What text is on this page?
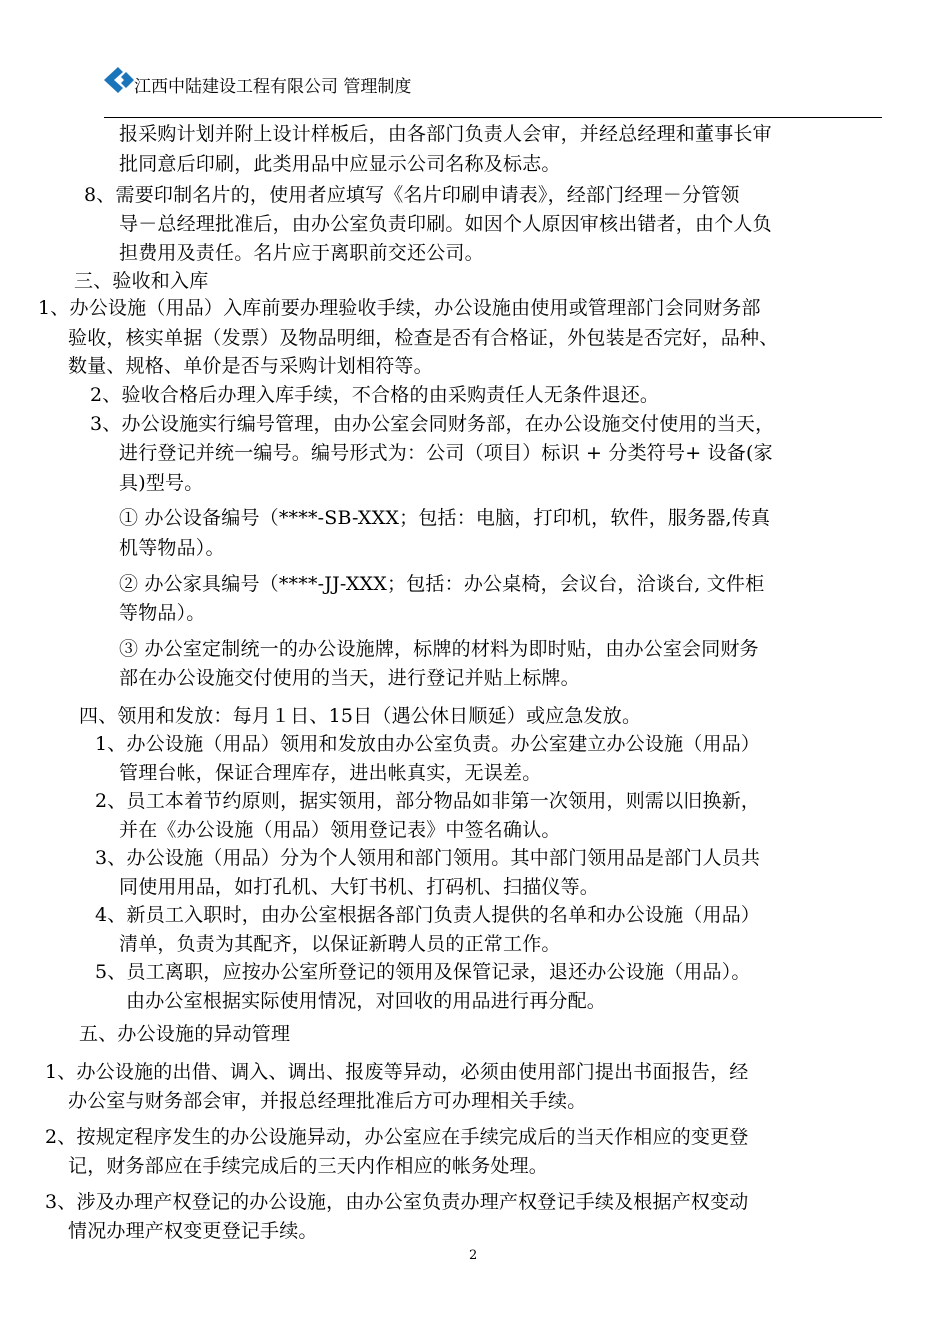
江西中陆建设工程有限公司 管理制度
报采购计划并附上设计样板后，由各部门负责人会审，并经总经理和董事长审
批同意后印刷，此类用品中应显示公司名称及标志。
8、需要印制名片的，使用者应填写《名片印刷申请表》，经部门经理－分管领
导－总经理批准后，由办公室负责印刷。如因个人原因审核出错者，由个人负
担费用及责任。名片应于离职前交还公司。
三、验收和入库
1、办公设施（用品）入库前要办理验收手续，办公设施由使用或管理部门会同财务部
验收，核实单据（发票）及物品明细，检查是否有合格证，外包装是否完好，品种、
数量、规格、单价是否与采购计划相符等。
2、验收合格后办理入库手续，不合格的由采购责任人无条件退还。
3、办公设施实行编号管理，由办公室会同财务部，在办公设施交付使用的当天，
进行登记并统一编号。编号形式为：公司（项目）标识 + 分类符号+ 设备(家
具)型号。
① 办公设备编号（****-SB-XXX；包括：电脑，打印机，软件，服务器,传真
机等物品）。
② 办公家具编号（****-JJ-XXX；包括：办公桌椅，会议台，洽谈台, 文件柜
等物品）。
③ 办公室定制统一的办公设施牌，标牌的材料为即时贴，由办公室会同财务
部在办公设施交付使用的当天，进行登记并贴上标牌。
四、领用和发放：每月１日、15日（遇公休日顺延）或应急发放。
1、办公设施（用品）领用和发放由办公室负责。办公室建立办公设施（用品）
管理台帐，保证合理库存，进出帐真实，无误差。
2、员工本着节约原则，据实领用，部分物品如非第一次领用，则需以旧换新，
并在《办公设施（用品）领用登记表》中签名确认。
3、办公设施（用品）分为个人领用和部门领用。其中部门领用品是部门人员共
同使用用品，如打孔机、大钉书机、打码机、扫描仪等。
4、新员工入职时，由办公室根据各部门负责人提供的名单和办公设施（用品）
清单，负责为其配齐，以保证新聘人员的正常工作。
5、员工离职，应按办公室所登记的领用及保管记录，退还办公设施（用品）。
由办公室根据实际使用情况，对回收的用品进行再分配。
五、办公设施的异动管理
1、办公设施的出借、调入、调出、报废等异动，必须由使用部门提出书面报告，经
办公室与财务部会审，并报总经理批准后方可办理相关手续。
2、按规定程序发生的办公设施异动，办公室应在手续完成后的当天作相应的变更登
记，财务部应在手续完成后的三天内作相应的帐务处理。
3、涉及办理产权登记的办公设施，由办公室负责办理产权登记手续及根据产权变动
情况办理产权变更登记手续。
2
